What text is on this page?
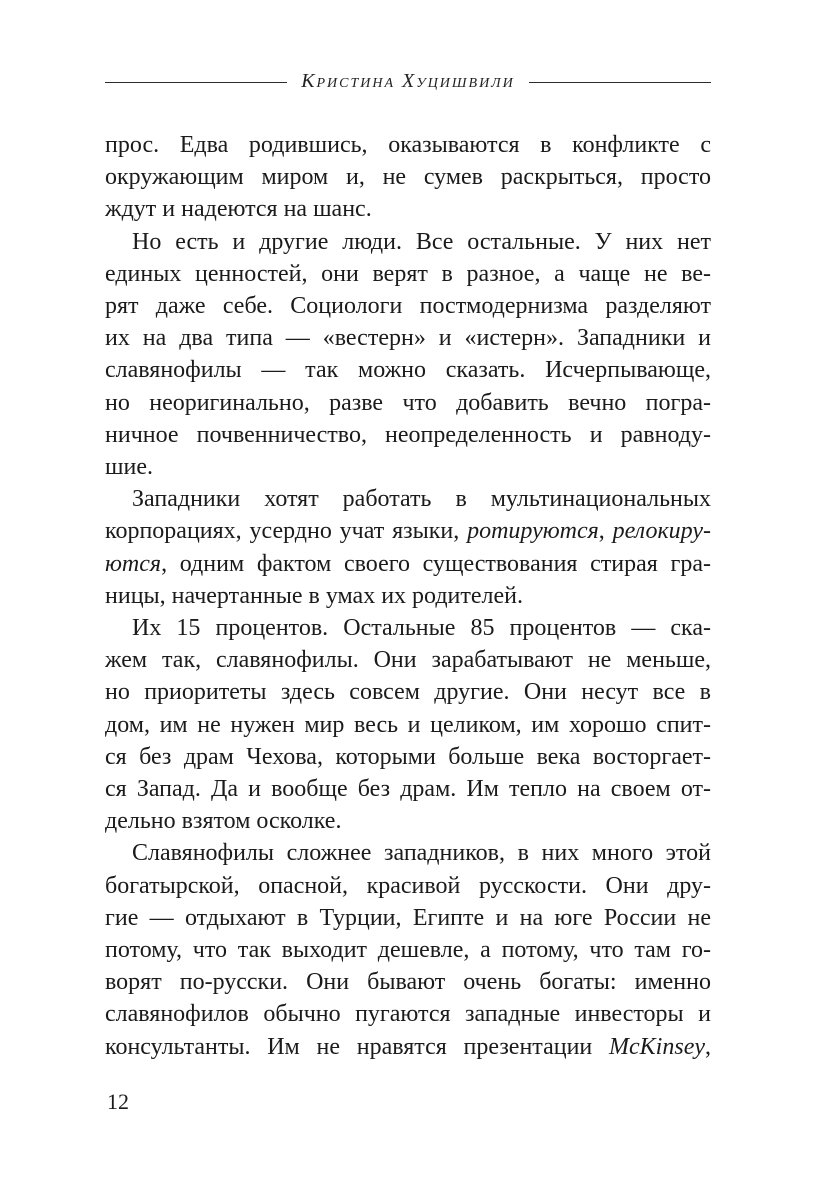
Кристина Хуцишвили
прос. Едва родившись, оказываются в конфликте с
окружающим миром и, не сумев раскрыться, просто
ждут и надеются на шанс.
Но есть и другие люди. Все остальные. У них нет
единых ценностей, они верят в разное, а чаще не ве-
рят даже себе. Социологи постмодернизма разделяют
их на два типа — «вестерн» и «истерн». Западники и
славянофилы — так можно сказать. Исчерпывающе,
но неоригинально, разве что добавить вечно погра-
ничное почвенничество, неопределенность и равноду-
шие.
Западники хотят работать в мультинациональных
корпорациях, усердно учат языки, ротируются, релокиру-
ются, одним фактом своего существования стирая гра-
ницы, начертанные в умах их родителей.
Их 15 процентов. Остальные 85 процентов — ска-
жем так, славянофилы. Они зарабатывают не меньше,
но приоритеты здесь совсем другие. Они несут все в
дом, им не нужен мир весь и целиком, им хорошо спит-
ся без драм Чехова, которыми больше века восторгает-
ся Запад. Да и вообще без драм. Им тепло на своем от-
дельно взятом осколке.
Славянофилы сложнее западников, в них много этой
богатырской, опасной, красивой русскости. Они дру-
гие — отдыхают в Турции, Египте и на юге России не
потому, что так выходит дешевле, а потому, что там го-
ворят по-русски. Они бывают очень богаты: именно
славянофилов обычно пугаются западные инвесторы и
консультанты. Им не нравятся презентации McKinsey,
12
